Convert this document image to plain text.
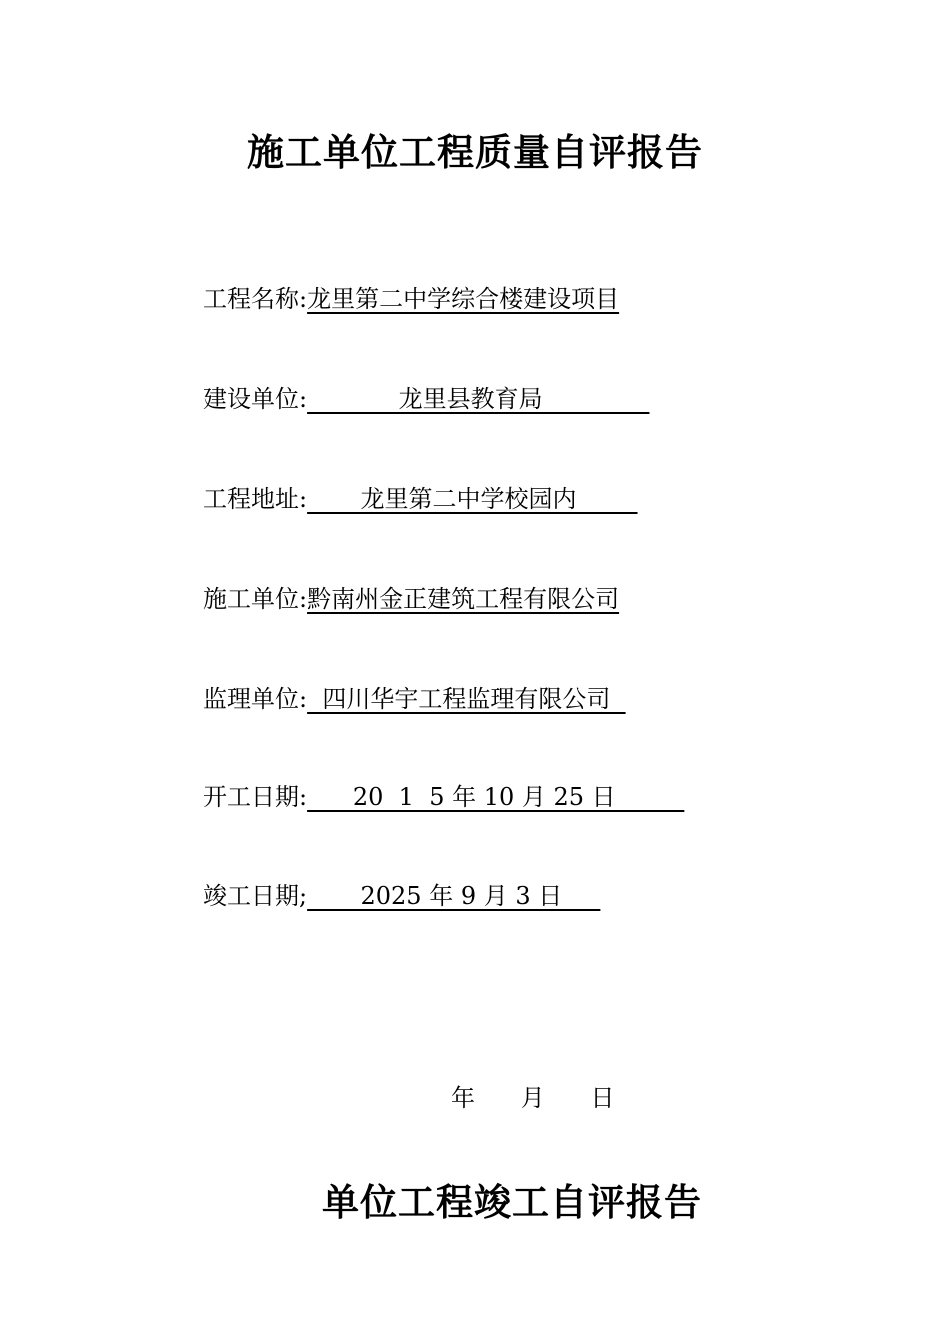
施工单位工程质量自评报告
工程名称:龙里第二中学综合楼建设项目
建设单位:            龙里县教育局
工程地址:       龙里第二中学校园内
施工单位:黔南州金正建筑工程有限公司
监理单位:  四川华宇工程监理有限公司
开工日期:      20  1  5 年 10 月 25 日
竣工日期;       2025 年 9 月 3 日
年      月      日
单位工程竣工自评报告
